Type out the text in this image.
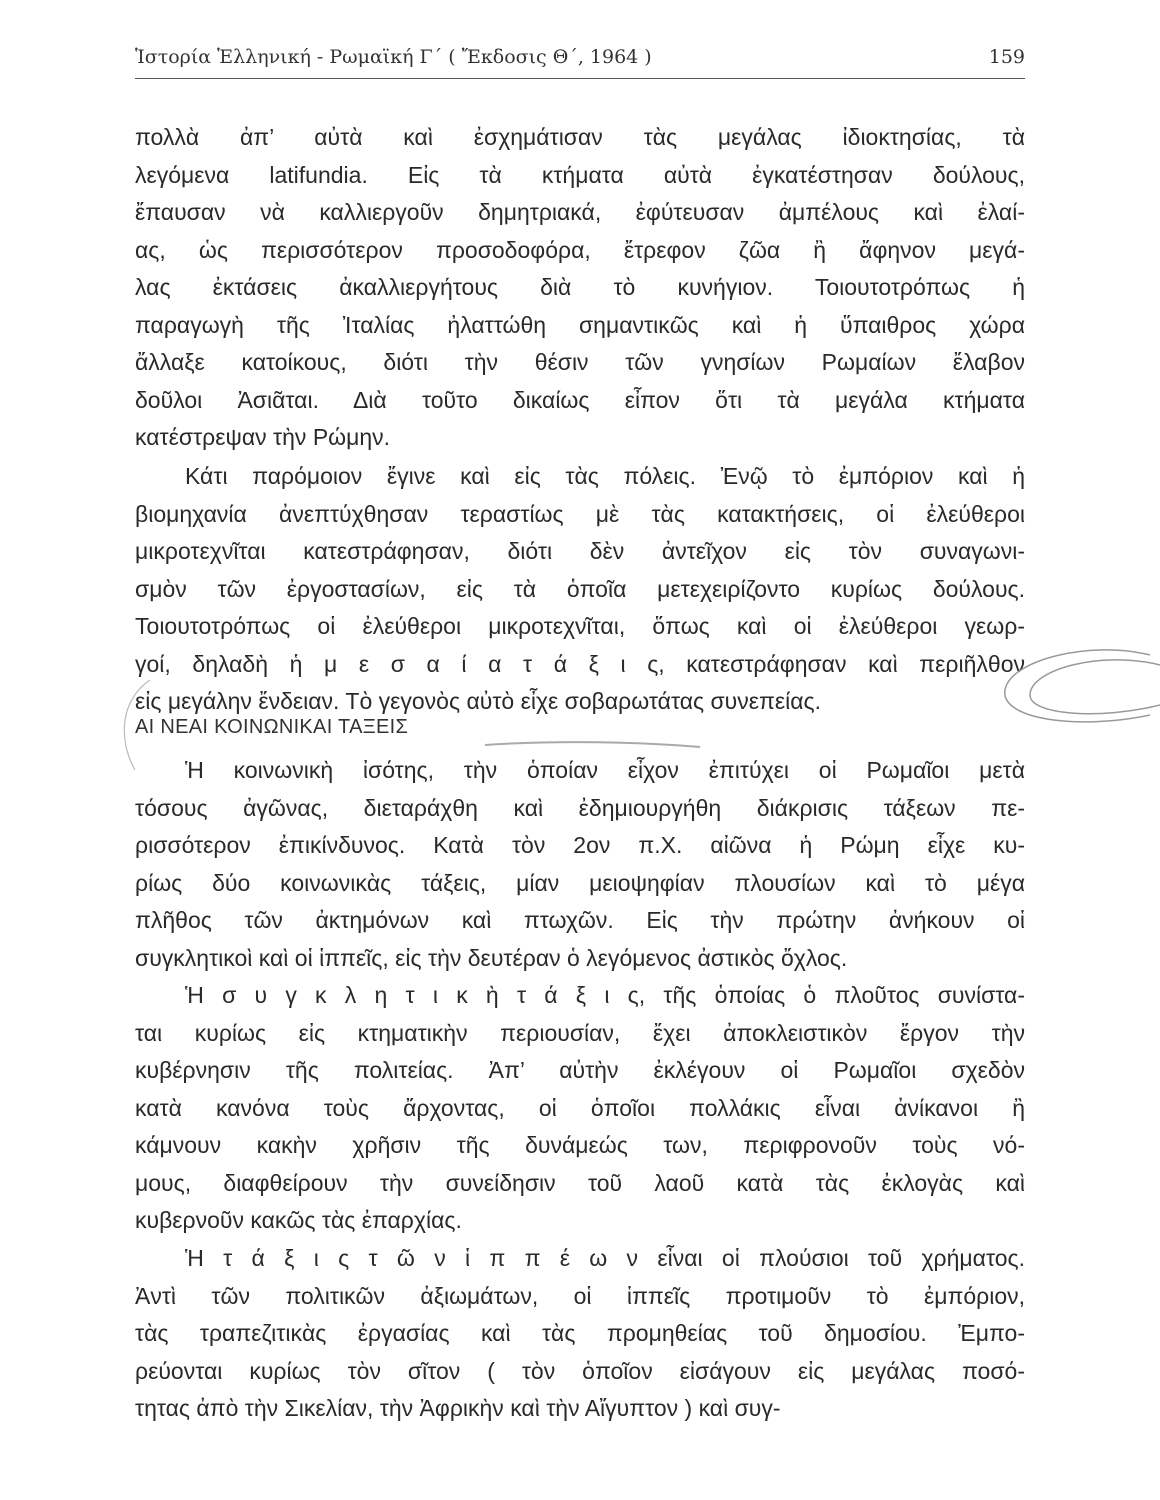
Ἱστορία Ἑλληνική - Ρωμαϊκή Γ΄ ( Ἔκδοσις Θ΄, 1964 )	159
πολλὰ ἀπ’ αὐτὰ καὶ ἐσχημάτισαν τὰς μεγάλας ἰδιοκτησίας, τὰ
λεγόμενα latifundia. Εἰς τὰ κτήματα αὐτὰ ἐγκατέστησαν δούλους,
ἔπαυσαν νὰ καλλιεργοῦν δημητριακά, ἐφύτευσαν ἀμπέλους καὶ ἐλαί-
ας, ὡς περισσότερον προσοδοφόρα, ἔτρεφον ζῶα ἢ ἄφηνον μεγά-
λας ἐκτάσεις ἀκαλλιεργήτους διὰ τὸ κυνήγιον. Τοιουτοτρόπως ἡ
παραγωγὴ τῆς Ἰταλίας ἠλαττώθη σημαντικῶς καὶ ἡ ὕπαιθρος χώρα
ἄλλαξε κατοίκους, διότι τὴν θέσιν τῶν γνησίων Ρωμαίων ἔλαβον
δοῦλοι Ἀσιᾶται. Διὰ τοῦτο δικαίως εἶπον ὅτι τὰ μεγάλα κτήματα
κατέστρεψαν τὴν Ρώμην.
Κάτι παρόμοιον ἔγινε καὶ εἰς τὰς πόλεις. Ἐνῷ τὸ ἐμπόριον καὶ ἡ
βιομηχανία ἀνεπτύχθησαν τεραστίως μὲ τὰς κατακτήσεις, οἱ ἐλεύθεροι
μικροτεχνῖται κατεστράφησαν, διότι δὲν ἀντεῖχον εἰς τὸν συναγωνι-
σμὸν τῶν ἐργοστασίων, εἰς τὰ ὁποῖα μετεχειρίζοντο κυρίως δούλους.
Τοιουτοτρόπως οἱ ἐλεύθεροι μικροτεχνῖται, ὅπως καὶ οἱ ἐλεύθεροι γεωρ-
γοί, δηλαδὴ ἡ μ ε σ α ί α τ ά ξ ι ς, κατεστράφησαν καὶ περιῆλθον
εἰς μεγάλην ἔνδειαν. Τὸ γεγονὸς αὐτὸ εἶχε σοβαρωτάτας συνεπείας.
ΑΙ ΝΕΑΙ ΚΟΙΝΩΝΙΚΑΙ ΤΑΞΕΙΣ
Ἡ κοινωνικὴ ἰσότης, τὴν ὁποίαν εἶχον ἐπιτύχει οἱ Ρωμαῖοι μετὰ
τόσους ἀγῶνας, διεταράχθη καὶ ἐδημιουργήθη διάκρισις τάξεων πε-
ρισσότερον ἐπικίνδυνος. Κατὰ τὸν 2ον π.Χ. αἰῶνα ἡ Ρώμη εἶχε κυ-
ρίως δύο κοινωνικὰς τάξεις, μίαν μειοψηφίαν πλουσίων καὶ τὸ μέγα
πλῆθος τῶν ἀκτημόνων καὶ πτωχῶν. Εἰς τὴν πρώτην ἀνήκουν οἱ
συγκλητικοὶ καὶ οἱ ἱππεῖς, εἰς τὴν δευτέραν ὁ λεγόμενος ἀστικὸς ὄχλος.
Ἡ σ υ γ κ λ η τ ι κ ὴ τ ά ξ ι ς, τῆς ὁποίας ὁ πλοῦτος συνίστα-
ται κυρίως εἰς κτηματικὴν περιουσίαν, ἔχει ἀποκλειστικὸν ἔργον τὴν
κυβέρνησιν τῆς πολιτείας. Ἀπ’ αὐτὴν ἐκλέγουν οἱ Ρωμαῖοι σχεδὸν
κατὰ κανόνα τοὺς ἄρχοντας, οἱ ὁποῖοι πολλάκις εἶναι ἀνίκανοι ἢ
κάμνουν κακὴν χρῆσιν τῆς δυνάμεώς των, περιφρονοῦν τοὺς νό-
μους, διαφθείρουν τὴν συνείδησιν τοῦ λαοῦ κατὰ τὰς ἐκλογὰς καὶ
κυβερνοῦν κακῶς τὰς ἐπαρχίας.
Ἡ τ ά ξ ι ς τ ῶ ν ἱ π π έ ω ν εἶναι οἱ πλούσιοι τοῦ χρήματος.
Ἀντὶ τῶν πολιτικῶν ἀξιωμάτων, οἱ ἱππεῖς προτιμοῦν τὸ ἐμπόριον,
τὰς τραπεζιτικὰς ἐργασίας καὶ τὰς προμηθείας τοῦ δημοσίου. Ἐμπο-
ρεύονται κυρίως τὸν σῖτον ( τὸν ὁποῖον εἰσάγουν εἰς μεγάλας ποσό-
τητας ἀπὸ τὴν Σικελίαν, τὴν Ἀφρικὴν καὶ τὴν Αἴγυπτον ) καὶ συγ-
